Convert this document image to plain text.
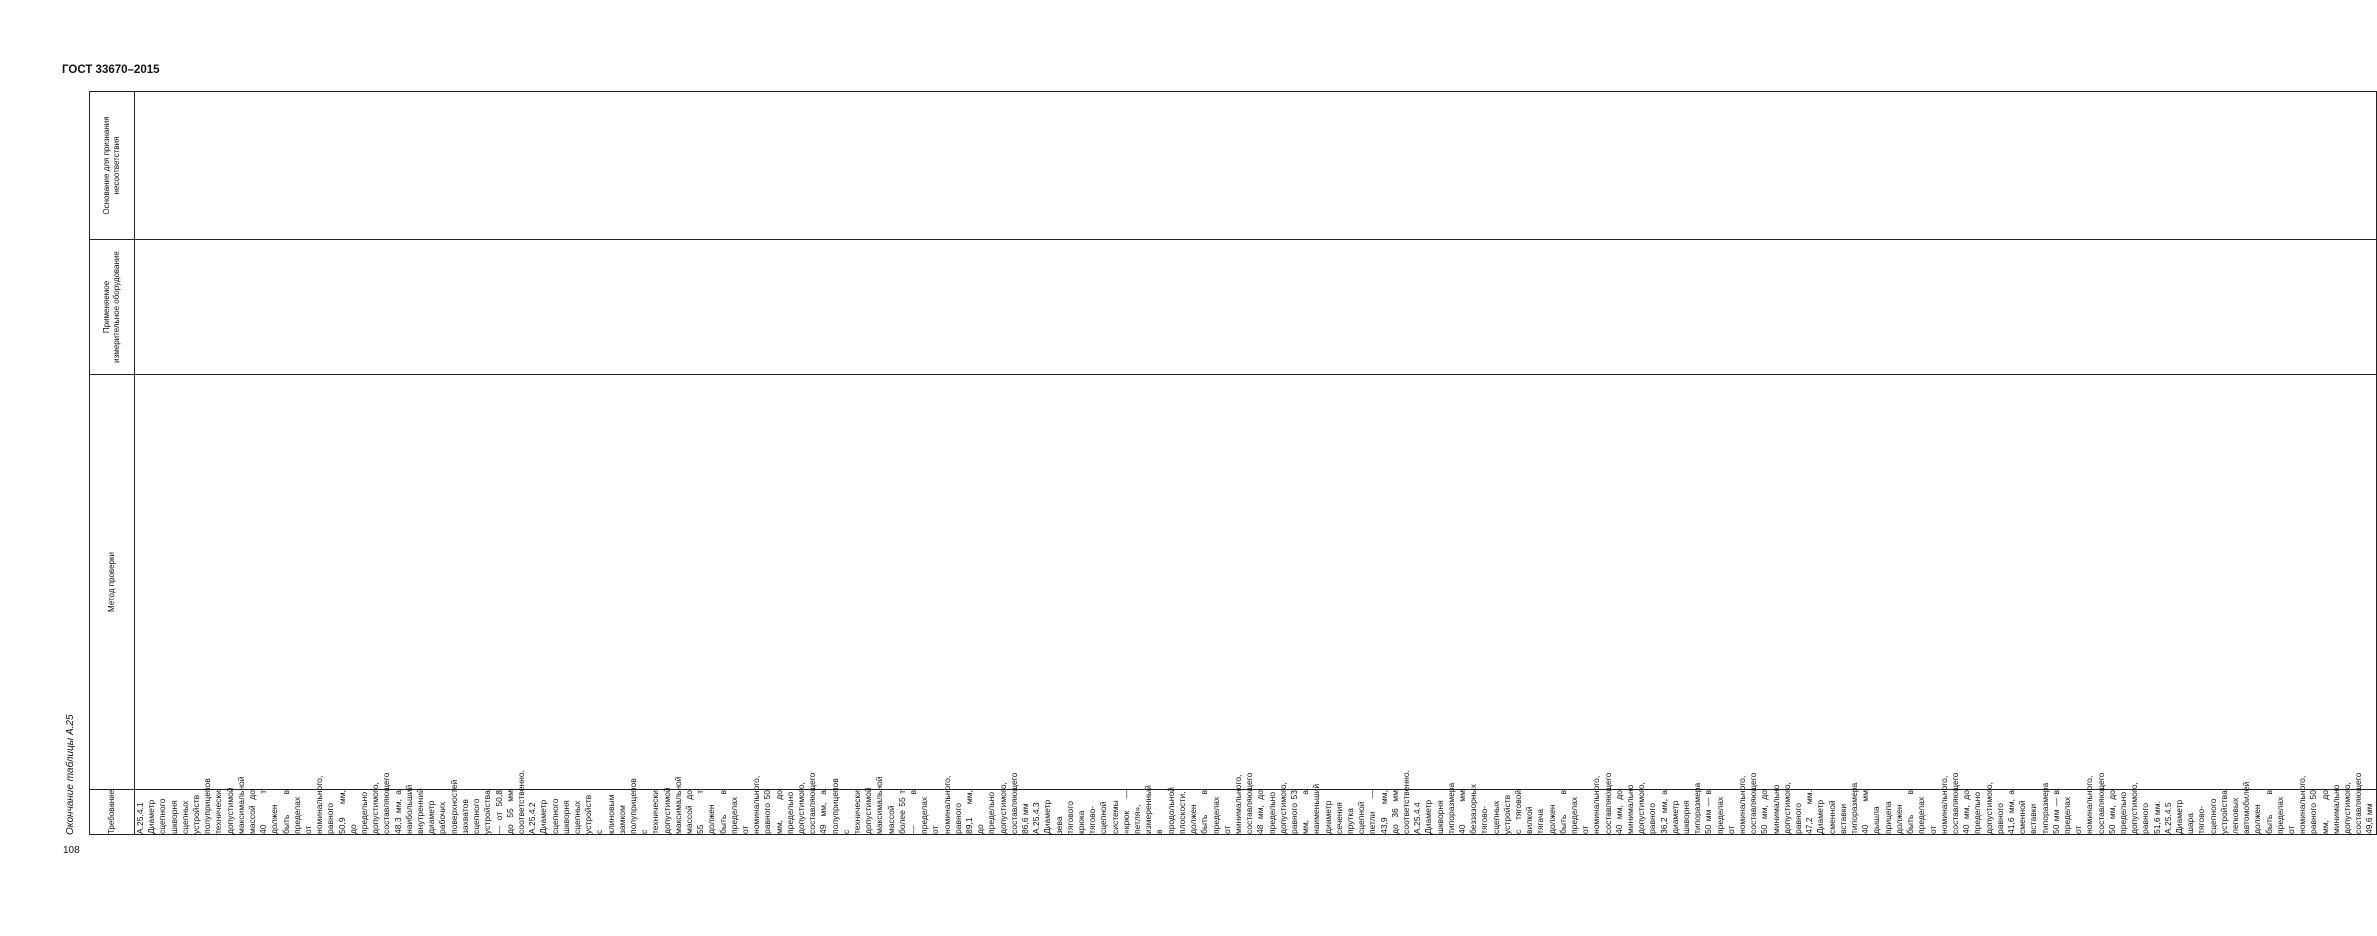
ГОСТ 33670–2015
Окончание таблицы А.25	Требование	Метод проверки	Применяемое измерительное оборудование	Основание для признания несоответствия

А.25.4.1 Диаметр сцепного шкворня сцепных устройств полуприцепов технически допустимой максимальной массой до 40 т должен быть в пределах от номинального, равного 50,9 мм, до предельно допустимого, составляющего 48,3 мм, а наибольший внутренний диаметр рабочих поверхностей захватов сцепного устройства — от 50,8 до 55 мм соответственно. А.25.4.2 Диаметр сцепного шкворня сцепных устройств с клиновым замком полуприцепов с технически допустимой максимальной массой до 55 т должен быть в пределах от номинального, равного 50 мм, до предельно допустимого, составляющего 49 мм, а полуприцепов с технически допустимой максимальной массой более 55 т — в пределах от номинального, равного 89,1 мм, до предельно допустимого, составляющего 86,6 мм А.25.4.3 Диаметр зева тягового крюка тягово-сцепной системы «крюк — петля», измеренный в продольной плоскости, должен быть в пределах от минимального, составляющего 48 мм, до предельно допустимого, равного 53 мм, а наименьший диаметр сечения прутка сцепной петли — 43,9 мм, до 36 мм соответственно. А.25.4.4 Диаметр шкворня типоразмера 40 мм беззазорных тягово-сцепных устройств с тяговой вилкой тягача должен быть в пределах от номинального, составляющего 40 мм, до минимально допустимого, равного 36,2 мм, а диаметр шкворня типоразмера 50 мм — в пределах от номинального, составляющего 50 мм, до минимально допустимого, равного 47,2 мм. Диаметр сменной вставки типоразмера 40 мм дышла прицепа должен быть в пределах от номинального, составляющего 40 мм, до предельно допустимого, равного 41,6 мм, а сменной вставки типоразмера 50 мм — в пределах от номинального, составляющего 50 мм, до предельно допустимого, равного 51,6 мм. А.25.4.5 Диаметр шара тягово-сцепного устройства легковых автомобилей должен быть в пределах от номинального, равного 50 мм, до минимально допустимого, составляющего 49,6 мм			

108
